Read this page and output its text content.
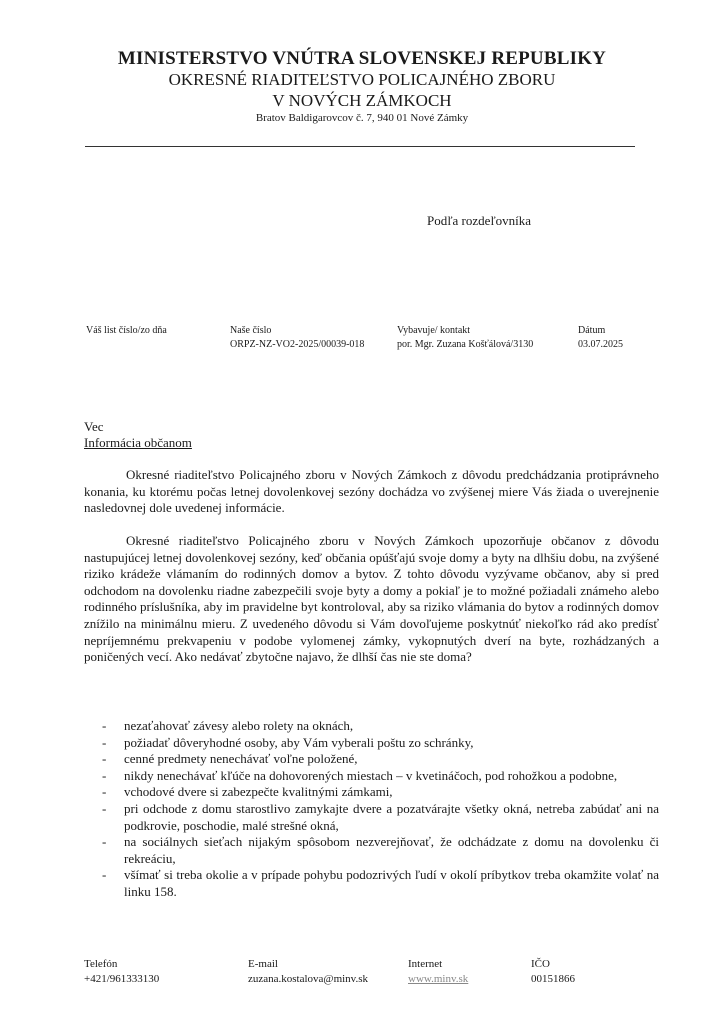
MINISTERSTVO VNÚTRA SLOVENSKEJ REPUBLIKY
OKRESNÉ RIADITEĽSTVO POLICAJNÉHO ZBORU
V NOVÝCH ZÁMKOCH
Bratov Baldigarovcov č. 7, 940 01 Nové Zámky
Podľa rozdeľovníka
Váš list číslo/zo dňa	Naše číslo
ORPZ-NZ-VO2-2025/00039-018
Vybavuje/ kontakt
por. Mgr. Zuzana Košťálová/3130
Dátum
03.07.2025
Vec
Informácia občanom

Okresné riaditeľstvo Policajného zboru v Nových Zámkoch z dôvodu predchádzania protiprávneho konania, ku ktorému počas letnej dovolenkovej sezóny dochádza vo zvýšenej miere Vás žiada o uverejnenie nasledovnej dole uvedenej informácie.

Okresné riaditeľstvo Policajného zboru v Nových Zámkoch upozorňuje občanov z dôvodu nastupujúcej letnej dovolenkovej sezóny, keď občania opúšťajú svoje domy a byty na dlhšiu dobu, na zvýšené riziko krádeže vlámaním do rodinných domov a bytov. Z tohto dôvodu vyzývame občanov, aby si pred odchodom na dovolenku riadne zabezpečili svoje byty a domy a pokiaľ je to možné požiadali známeho alebo rodinného príslušníka, aby im pravidelne byt kontroloval, aby sa riziko vlámania do bytov a rodinných domov znížilo na minimálnu mieru. Z uvedeného dôvodu si Vám dovoľujeme poskytnúť niekoľko rád ako predísť nepríjemnému prekvapeniu v podobe vylomenej zámky, vykopnutých dverí na byte, rozhádzaných a poničených vecí. Ako nedávať zbytočne najavo, že dlhší čas nie ste doma?

- nezaťahovať závesy alebo rolety na oknách,
- požiadať dôveryhodné osoby, aby Vám vyberali poštu zo schránky,
- cenné predmety nenechávať voľne položené,
- nikdy nenechávať kľúče na dohovorených miestach – v kvetináčoch, pod rohožkou a podobne,
- vchodové dvere si zabezpečte kvalitnými zámkami,
- pri odchode z domu starostlivo zamykajte dvere a pozatvárajte všetky okná, netreba zabúdať ani na podkrovie, poschodie, malé strešné okná,
- na sociálnych sieťach nijakým spôsobom nezverejňovať, že odchádzate z domu na dovolenku či rekreáciu,
- všímať si treba okolie a v prípade pohybu podozrivých ľudí v okolí príbytkov treba okamžite volať na linku 158.
Telefón
+421/961333130
E-mail
zuzana.kostalova@minv.sk
Internet
www.minv.sk
IČO
00151866
